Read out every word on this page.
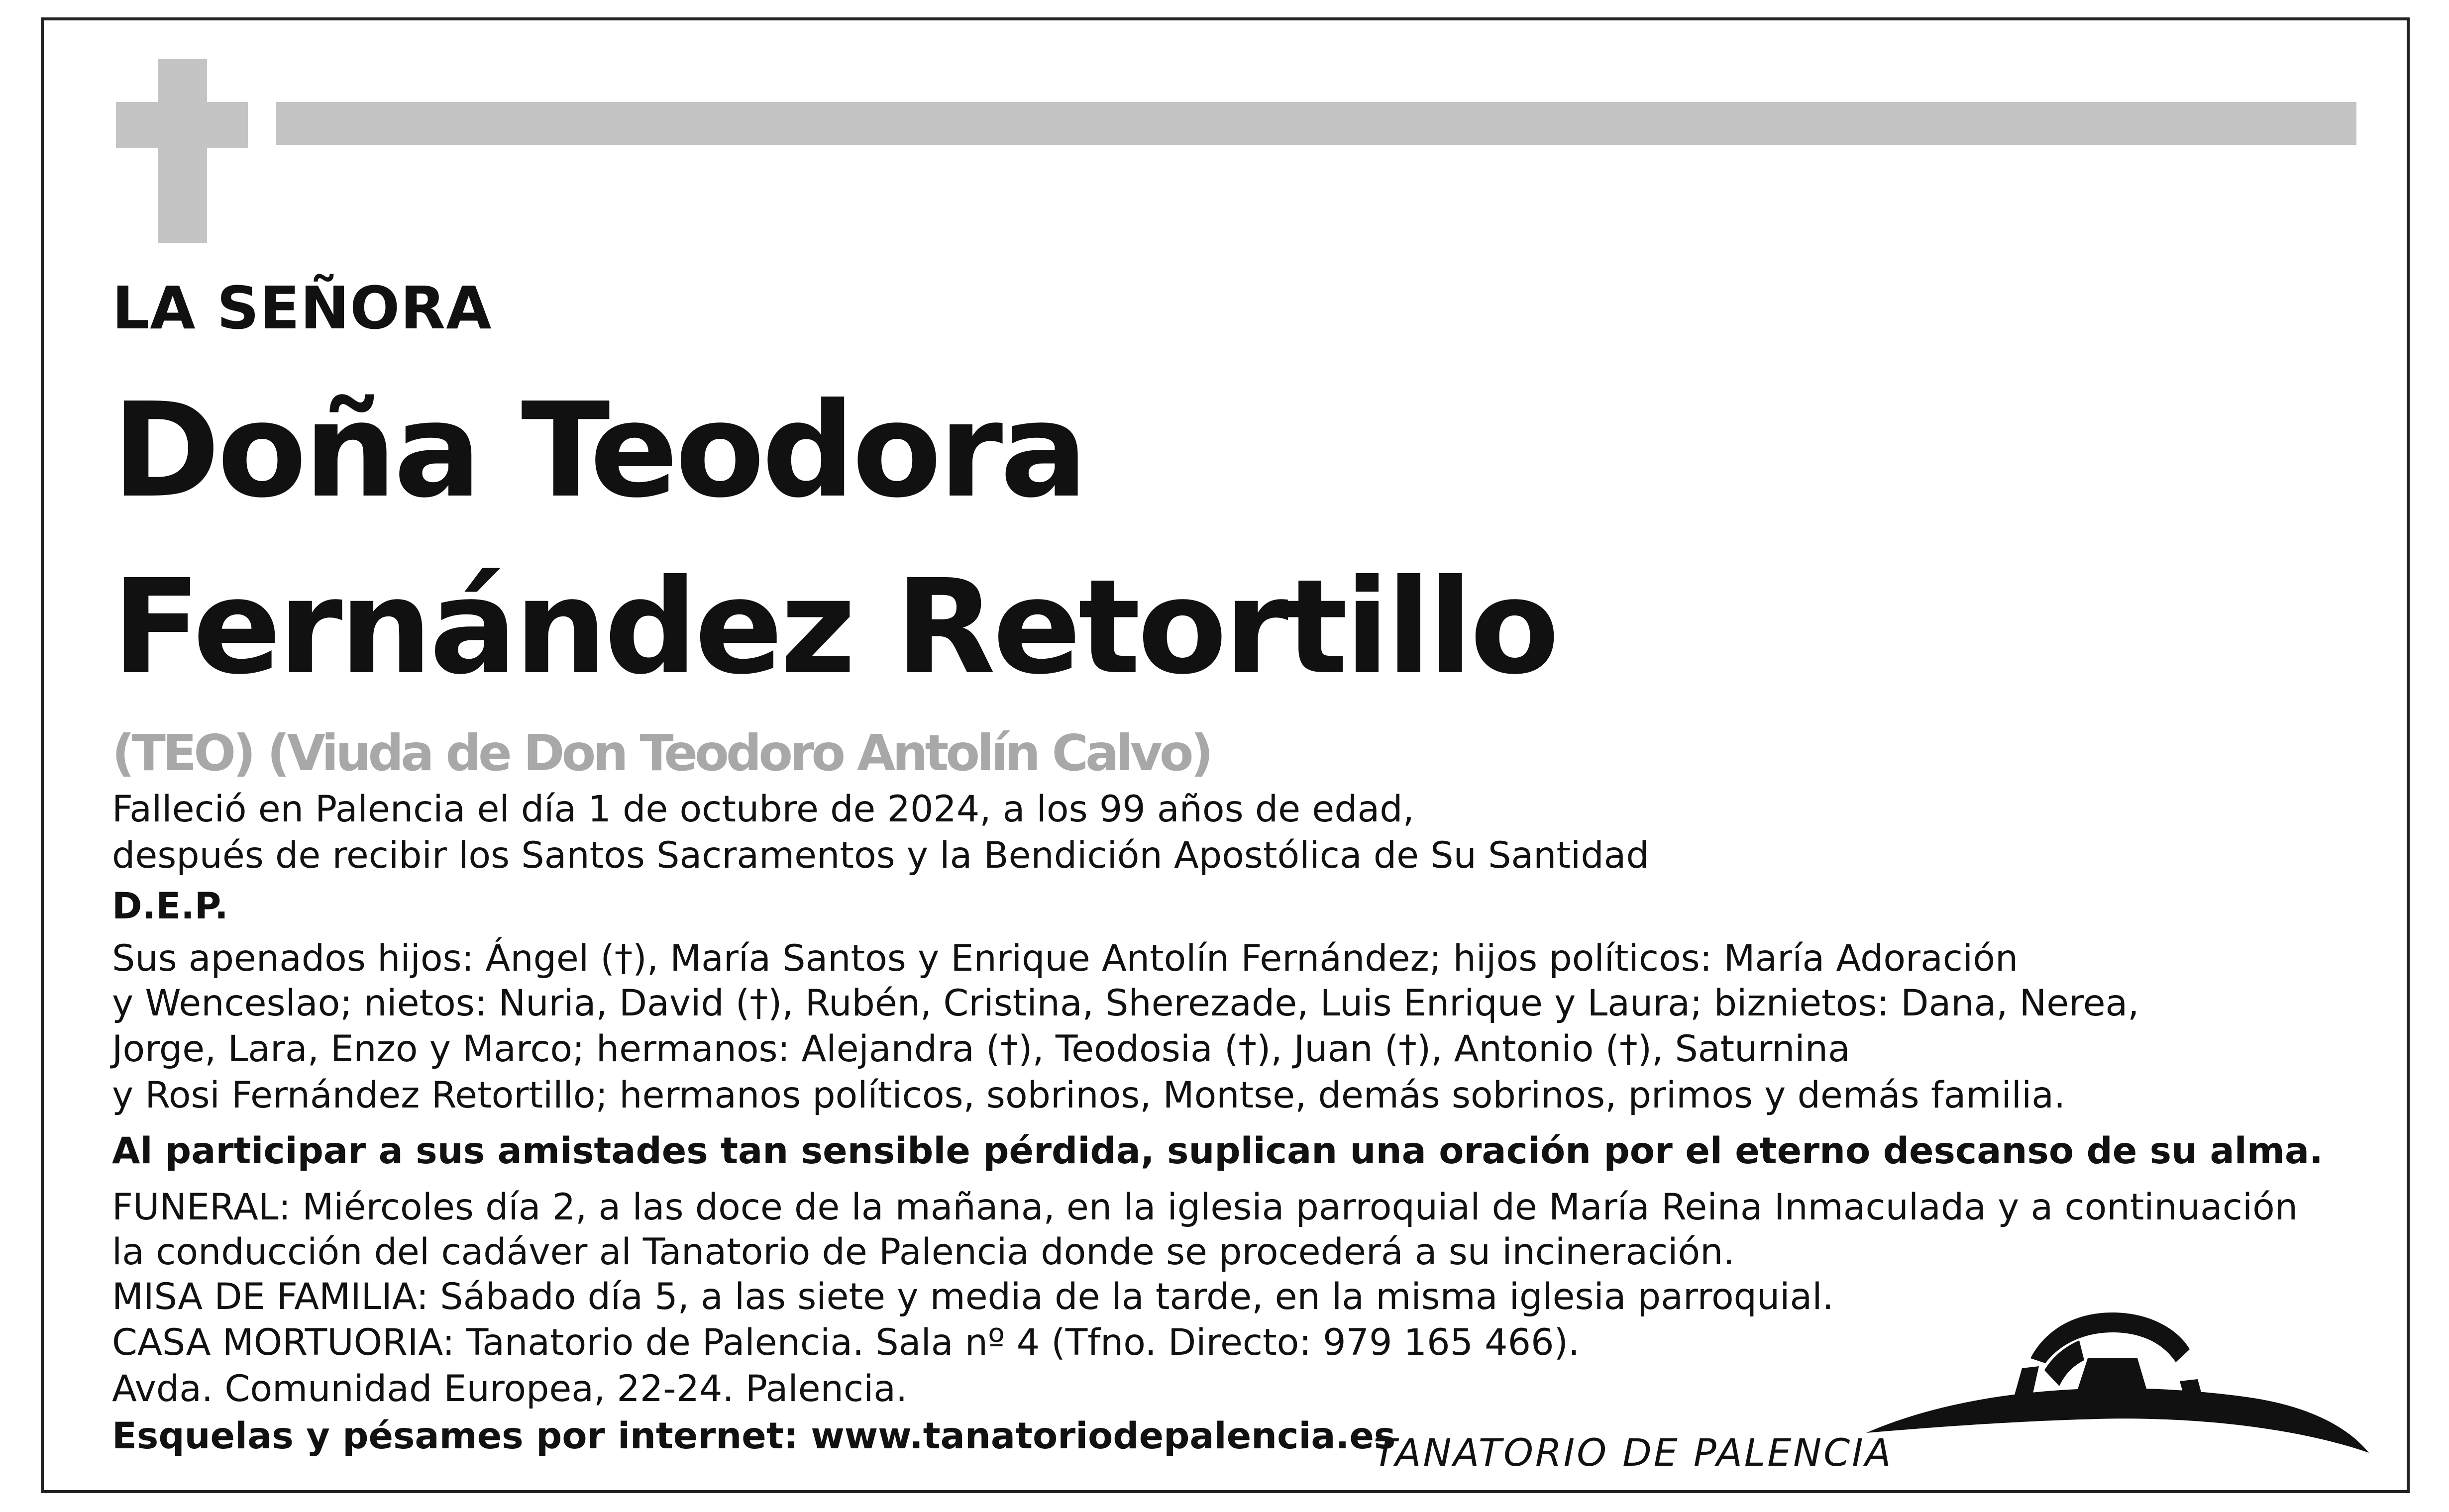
LA SEÑORA
Doña Teodora
Fernández Retortillo
(TEO) (Viuda de Don Teodoro Antolín Calvo)
Falleció en Palencia el día 1 de octubre de 2024, a los 99 años de edad,
después de recibir los Santos Sacramentos y la Bendición Apostólica de Su Santidad
D.E.P.
Sus apenados hijos: Ángel (†), María Santos y Enrique Antolín Fernández; hijos políticos: María Adoración
y Wenceslao; nietos: Nuria, David (†), Rubén, Cristina, Sherezade, Luis Enrique y Laura; biznietos: Dana, Nerea,
Jorge, Lara, Enzo y Marco; hermanos: Alejandra (†), Teodosia (†), Juan (†), Antonio (†), Saturnina
y Rosi Fernández Retortillo; hermanos políticos, sobrinos, Montse, demás sobrinos, primos y demás familia.
Al participar a sus amistades tan sensible pérdida, suplican una oración por el eterno descanso de su alma.
FUNERAL: Miércoles día 2, a las doce de la mañana, en la iglesia parroquial de María Reina Inmaculada y a continuación
la conducción del cadáver al Tanatorio de Palencia donde se procederá a su incineración.
MISA DE FAMILIA: Sábado día 5, a las siete y media de la tarde, en la misma iglesia parroquial.
CASA MORTUORIA: Tanatorio de Palencia. Sala nº 4 (Tfno. Directo: 979 165 466).
Avda. Comunidad Europea, 22-24. Palencia.
Esquelas y pésames por internet: www.tanatoriodepalencia.es
TANATORIO DE PALENCIA
